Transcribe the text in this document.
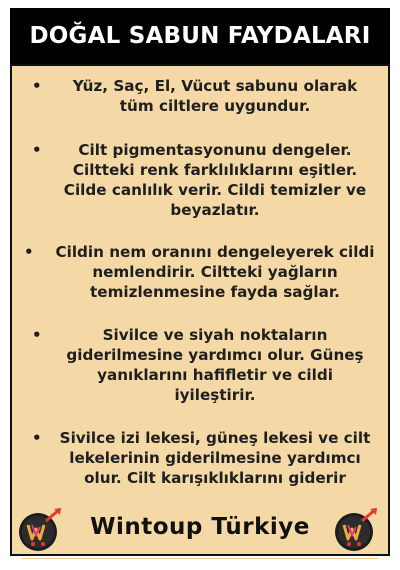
DOĞAL SABUN FAYDALARI
•	Yüz, Saç, El, Vücut sabunu olarak
tüm ciltlere uygundur.
•	Cilt pigmentasyonunu dengeler.
Ciltteki renk farklılıklarını eşitler.
Cilde canlılık verir. Cildi temizler ve
beyazlatır.
•	Cildin nem oranını dengeleyerek cildi
nemlendirir. Ciltteki yağların
temizlenmesine fayda sağlar.
•	Sivilce ve siyah noktaların
giderilmesine yardımcı olur. Güneş
yanıklarını hafifletir ve cildi
iyileştirir.
•	Sivilce izi lekesi, güneş lekesi ve cilt
lekelerinin giderilmesine yardımcı
olur. Cilt karışıklıklarını giderir
Wintoup Türkiye
